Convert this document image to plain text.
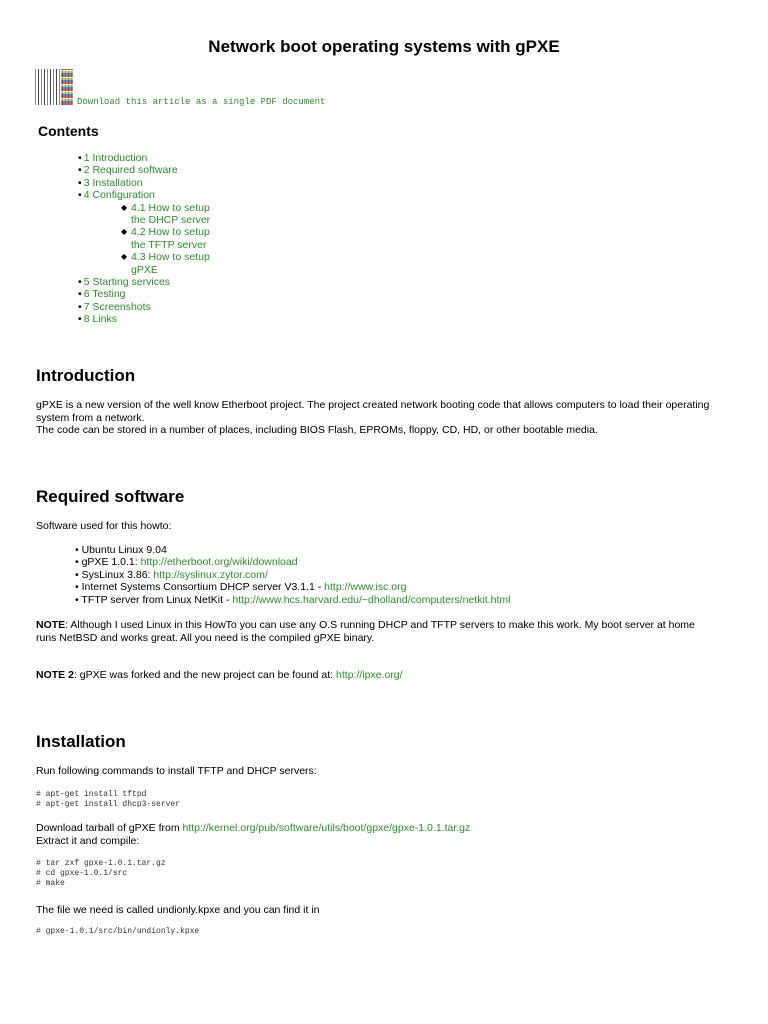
Network boot operating systems with gPXE
Download this article as a single PDF document
Contents
• 1 Introduction
• 2 Required software
• 3 Installation
• 4 Configuration
◆ 4.1 How to setup the DHCP server
◆ 4.2 How to setup the TFTP server
◆ 4.3 How to setup gPXE
• 5 Starting services
• 6 Testing
• 7 Screenshots
• 8 Links
Introduction

gPXE is a new version of the well know Etherboot project. The project created network booting code that allows computers to load their operating system from a network.
The code can be stored in a number of places, including BIOS Flash, EPROMs, floppy, CD, HD, or other bootable media.

Required software

Software used for this howto:

• Ubuntu Linux 9.04
• gPXE 1.0.1: http://etherboot.org/wiki/download
• SysLinux 3.86: http://syslinux.zytor.com/
• Internet Systems Consortium DHCP server V3.1.1 - http://www.isc.org
• TFTP server from Linux NetKit - http://www.hcs.harvard.edu/~dholland/computers/netkit.html

NOTE: Although I used Linux in this HowTo you can use any O.S running DHCP and TFTP servers to make this work. My boot server at home runs NetBSD and works great. All you need is the compiled gPXE binary.

NOTE 2: gPXE was forked and the new project can be found at: http://ipxe.org/

Installation

Run following commands to install TFTP and DHCP servers:

# apt-get install tftpd
# apt-get install dhcp3-server

Download tarball of gPXE from http://kernel.org/pub/software/utils/boot/gpxe/gpxe-1.0.1.tar.gz
Extract it and compile:

# tar zxf gpxe-1.0.1.tar.gz
# cd gpxe-1.0.1/src
# make

The file we need is called undionly.kpxe and you can find it in

# gpxe-1.0.1/src/bin/undionly.kpxe
